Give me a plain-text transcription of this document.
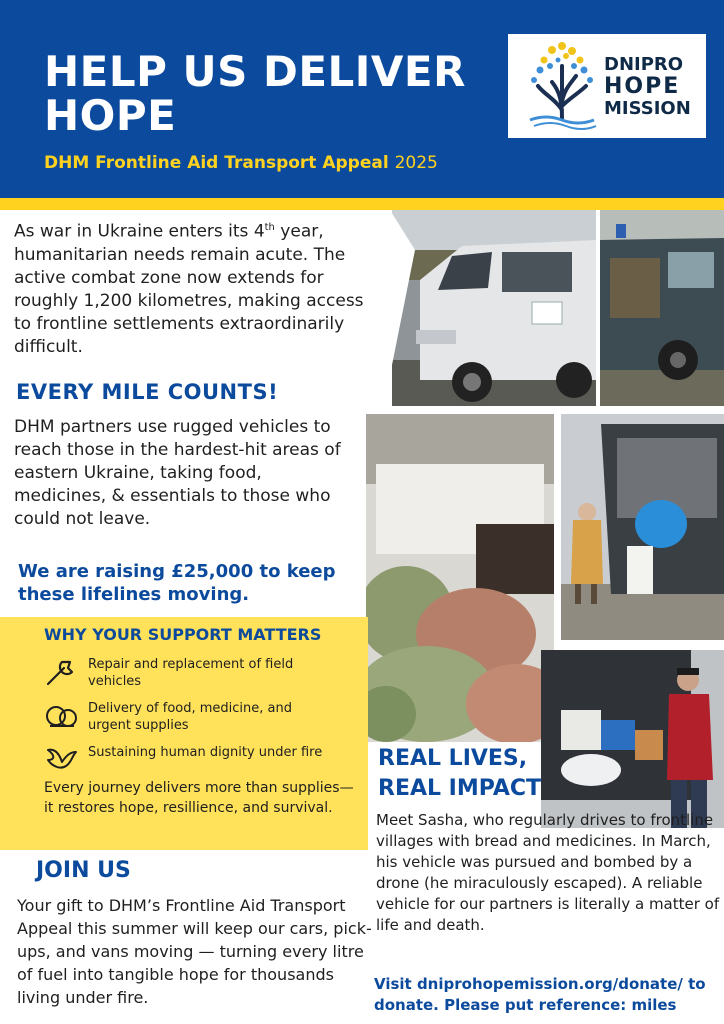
HELP US DELIVER HOPE
DHM Frontline Aid Transport Appeal 2025
DNIPRO
HOPE
MISSION
As war in Ukraine enters its 4th year, humanitarian needs remain acute. The active combat zone now extends for roughly 1,200 kilometres, making access to frontline settlements extraordinarily difficult.
EVERY MILE COUNTS!
DHM partners use rugged vehicles to reach those in the hardest-hit areas of eastern Ukraine, taking food, medicines, & essentials to those who could not leave.
We are raising £25,000 to keep these lifelines moving.
WHY YOUR SUPPORT MATTERS
Repair and replacement of field vehicles
Delivery of food, medicine, and urgent supplies
Sustaining human dignity under fire
Every journey delivers more than supplies—it restores hope, resillience, and survival.
JOIN US
Your gift to DHM’s Frontline Aid Transport Appeal this summer will keep our cars, pick-ups, and vans moving — turning every litre of fuel into tangible hope for thousands living under fire.
REAL LIVES, REAL IMPACT
Meet Sasha, who regularly drives to frontline villages with bread and medicines. In March, his vehicle was pursued and bombed by a drone (he miraculously escaped). A reliable vehicle for our partners is literally a matter of life and death.
Visit dniprohopemission.org/donate/ to donate. Please put reference: miles
